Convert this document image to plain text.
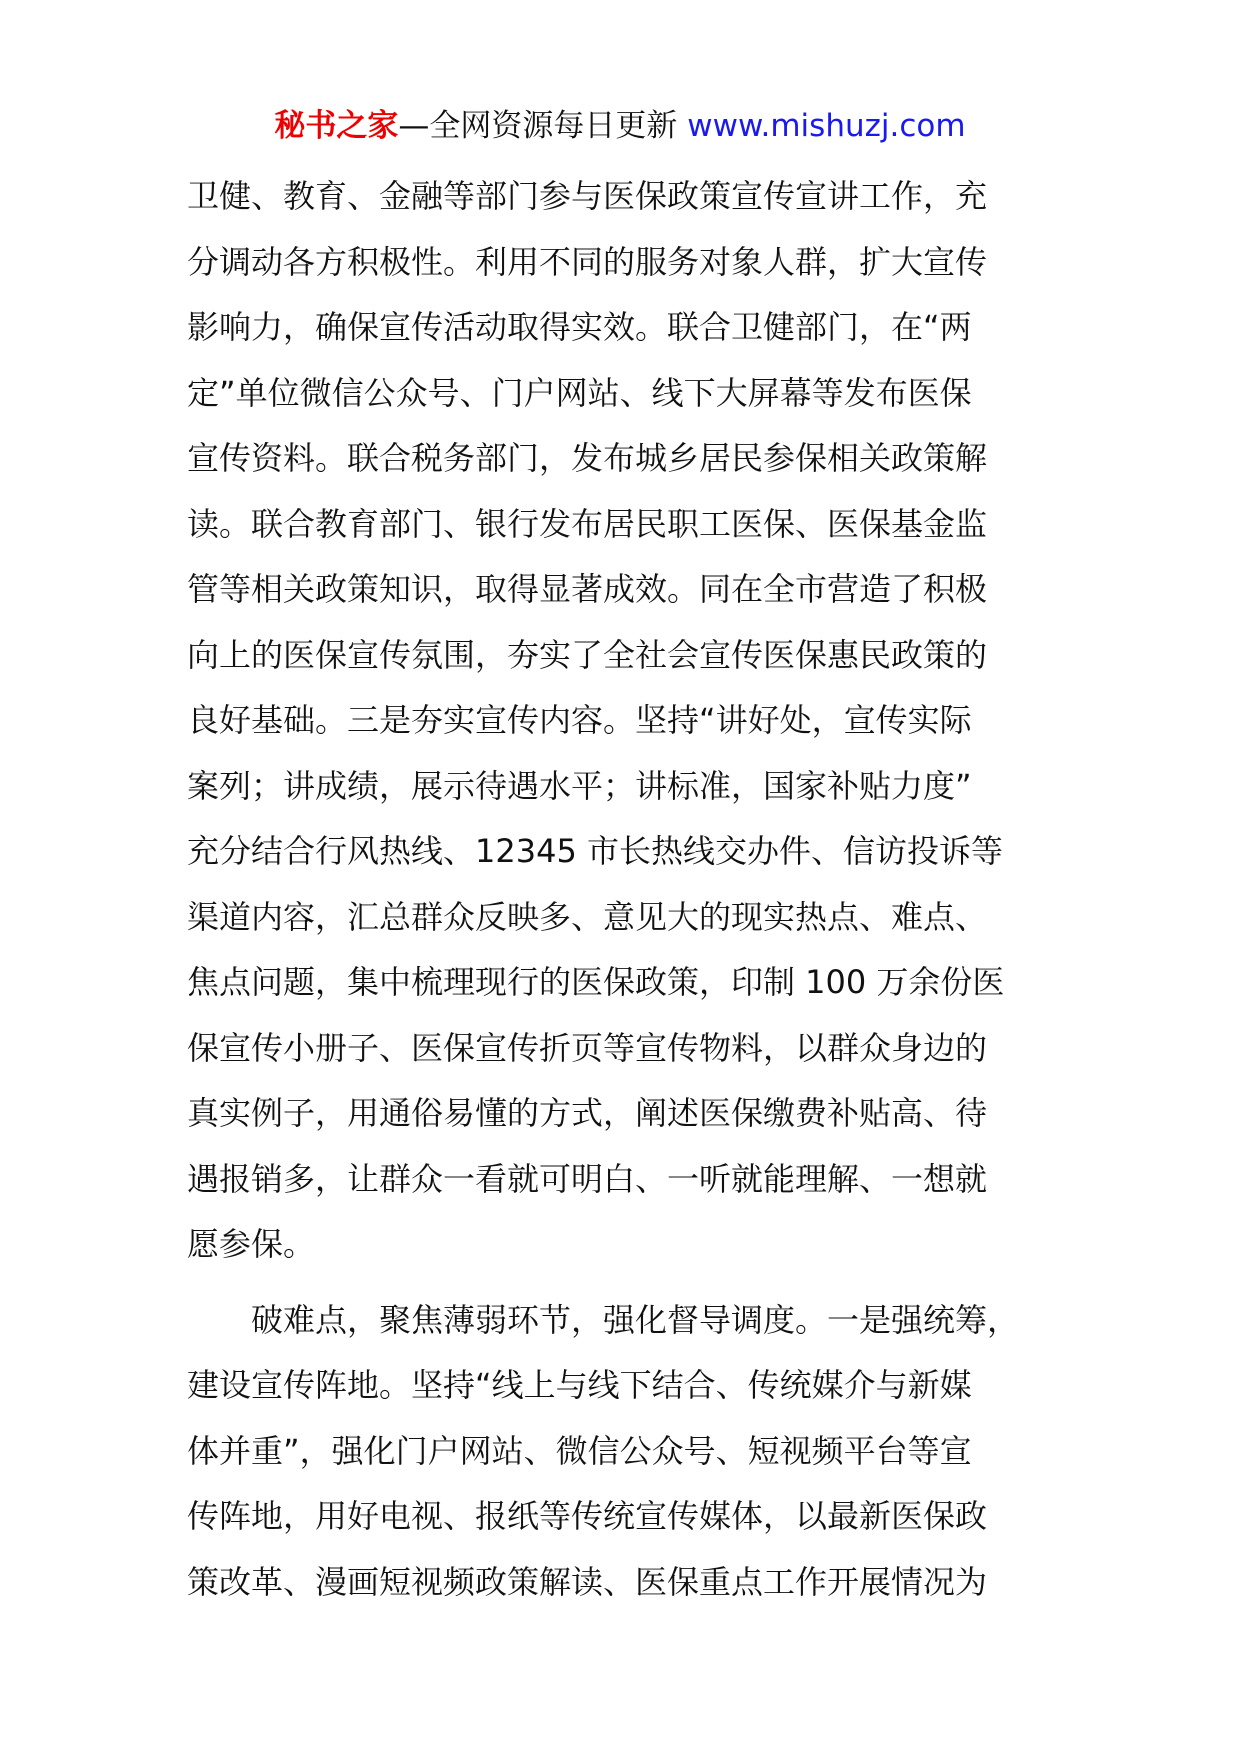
秘书之家—全网资源每日更新 www.mishuzj.com
卫健、教育、金融等部门参与医保政策宣传宣讲工作，充
分调动各方积极性。利用不同的服务对象人群，扩大宣传
影响力，确保宣传活动取得实效。联合卫健部门，在“两
定”单位微信公众号、门户网站、线下大屏幕等发布医保
宣传资料。联合税务部门，发布城乡居民参保相关政策解
读。联合教育部门、银行发布居民职工医保、医保基金监
管等相关政策知识，取得显著成效。同在全市营造了积极
向上的医保宣传氛围，夯实了全社会宣传医保惠民政策的
良好基础。三是夯实宣传内容。坚持“讲好处，宣传实际
案列；讲成绩，展示待遇水平；讲标准，国家补贴力度”
充分结合行风热线、12345 市长热线交办件、信访投诉等
渠道内容，汇总群众反映多、意见大的现实热点、难点、
焦点问题，集中梳理现行的医保政策，印制 100 万余份医
保宣传小册子、医保宣传折页等宣传物料，以群众身边的
真实例子，用通俗易懂的方式，阐述医保缴费补贴高、待
遇报销多，让群众一看就可明白、一听就能理解、一想就
愿参保。
　　破难点，聚焦薄弱环节，强化督导调度。一是强统筹，
建设宣传阵地。坚持“线上与线下结合、传统媒介与新媒
体并重”，强化门户网站、微信公众号、短视频平台等宣
传阵地，用好电视、报纸等传统宣传媒体，以最新医保政
策改革、漫画短视频政策解读、医保重点工作开展情况为
